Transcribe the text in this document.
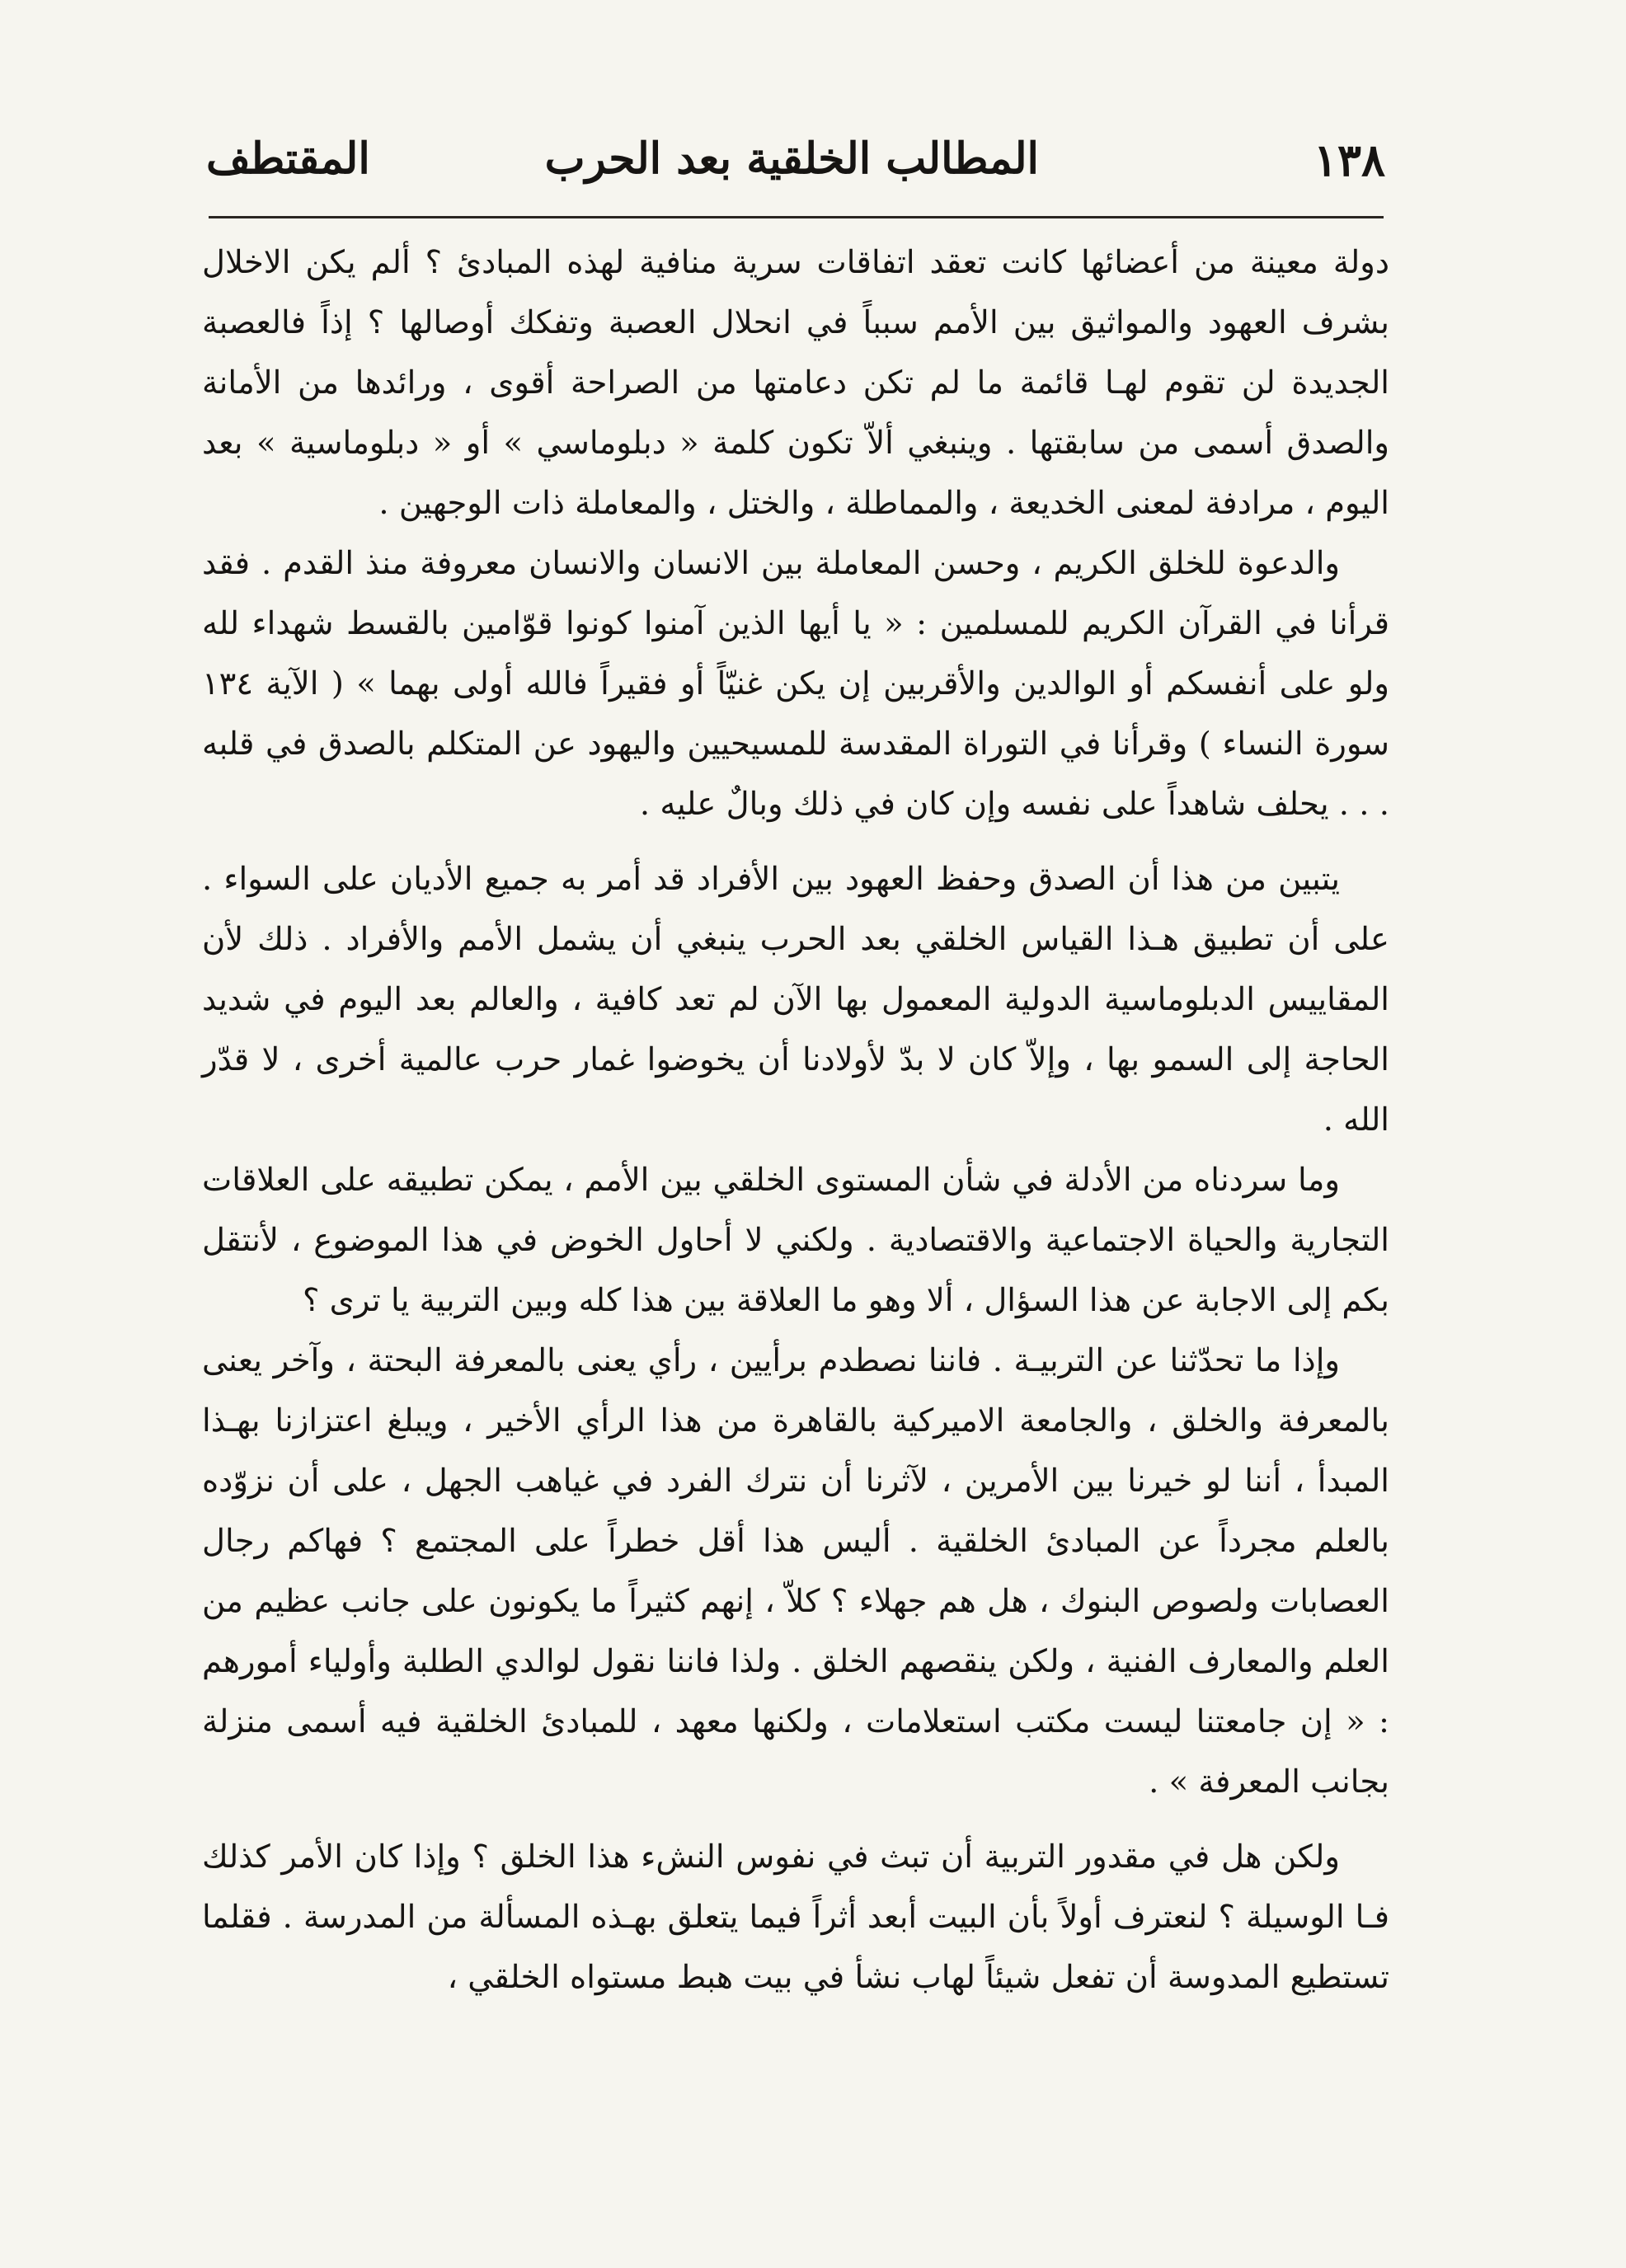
١٣٨
المطالب الخلقية بعد الحرب
المقتطف

دولة معينة من أعضائها كانت تعقد اتفاقات سرية منافية لهذه المبادئ ؟ ألم يكن الاخلال بشرف العهود والمواثيق بين الأمم سبباً في انحلال العصبة وتفكك أوصالها ؟ إذاً فالعصبة الجديدة لن تقوم لهـا قائمة ما لم تكن دعامتها من الصراحة أقوى ، ورائدها من الأمانة والصدق أسمى من سابقتها . وينبغي ألاّ تكون كلمة « دبلوماسي » أو « دبلوماسية » بعد اليوم ، مرادفة لمعنى الخديعة ، والمماطلة ، والختل ، والمعاملة ذات الوجهين .

والدعوة للخلق الكريم ، وحسن المعاملة بين الانسان والانسان معروفة منذ القدم . فقد قرأنا في القرآن الكريم للمسلمين : « يا أيها الذين آمنوا كونوا قوّامين بالقسط شهداء لله ولو على أنفسكم أو الوالدين والأقربين إن يكن غنيّاً أو فقيراً فالله أولى بهما » ( الآية ١٣٤ سورة النساء ) وقرأنا في التوراة المقدسة للمسيحيين واليهود عن المتكلم بالصدق في قلبه . . . يحلف شاهداً على نفسه وإن كان في ذلك وبالٌ عليه .

يتبين من هذا أن الصدق وحفظ العهود بين الأفراد قد أمر به جميع الأديان على السواء . على أن تطبيق هـذا القياس الخلقي بعد الحرب ينبغي أن يشمل الأمم والأفراد . ذلك لأن المقاييس الدبلوماسية الدولية المعمول بها الآن لم تعد كافية ، والعالم بعد اليوم في شديد الحاجة إلى السمو بها ، وإلاّ كان لا بدّ لأولادنا أن يخوضوا غمار حرب عالمية أخرى ، لا قدّر الله .

وما سردناه من الأدلة في شأن المستوى الخلقي بين الأمم ، يمكن تطبيقه على العلاقات التجارية والحياة الاجتماعية والاقتصادية . ولكني لا أحاول الخوض في هذا الموضوع ، لأنتقل بكم إلى الاجابة عن هذا السؤال ، ألا وهو ما العلاقة بين هذا كله وبين التربية يا ترى ؟

وإذا ما تحدّثنا عن التربيـة . فاننا نصطدم برأيين ، رأي يعنى بالمعرفة البحتة ، وآخر يعنى بالمعرفة والخلق ، والجامعة الاميركية بالقاهرة من هذا الرأي الأخير ، ويبلغ اعتزازنا بهـذا المبدأ ، أننا لو خيرنا بين الأمرين ، لآثرنا أن نترك الفرد في غياهب الجهل ، على أن نزوّده بالعلم مجرداً عن المبادئ الخلقية . أليس هذا أقل خطراً على المجتمع ؟ فهاكم رجال العصابات ولصوص البنوك ، هل هم جهلاء ؟ كلاّ ، إنهم كثيراً ما يكونون على جانب عظيم من العلم والمعارف الفنية ، ولكن ينقصهم الخلق . ولذا فاننا نقول لوالدي الطلبة وأولياء أمورهم : « إن جامعتنا ليست مكتب استعلامات ، ولكنها معهد ، للمبادئ الخلقية فيه أسمى منزلة بجانب المعرفة » .

ولكن هل في مقدور التربية أن تبث في نفوس النشء هذا الخلق ؟ وإذا كان الأمر كذلك فـا الوسيلة ؟ لنعترف أولاً بأن البيت أبعد أثراً فيما يتعلق بهـذه المسألة من المدرسة . فقلما تستطيع المدوسة أن تفعل شيئاً لهاب نشأ في بيت هبط مستواه الخلقي ،
